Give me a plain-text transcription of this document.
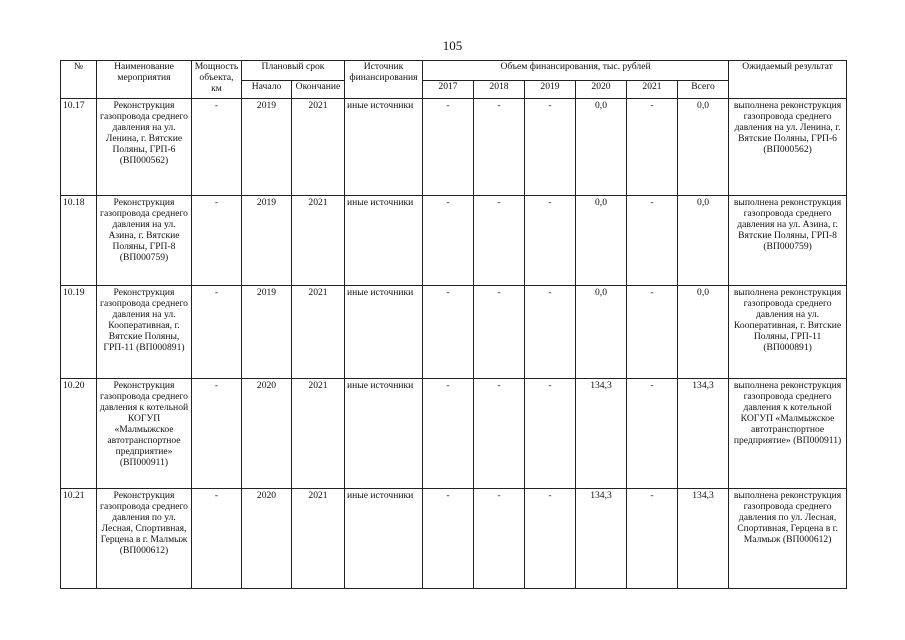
105
№	Наименование мероприятия	Мощность объекта, км	Плановый срок		Источник финансирования	Объем финансирования, тыс. рублей						Ожидаемый результат
			Начало	Окончание		2017	2018	2019	2020	2021	Всего	
10.17	Реконструкция газопровода среднего давления на ул. Ленина, г. Вятские Поляны, ГРП-6 (ВП000562)	-	2019	2021	иные источники	-	-	-	0,0	-	0,0	выполнена реконструкция газопровода среднего давления на ул. Ленина, г. Вятские Поляны, ГРП-6 (ВП000562)
10.18	Реконструкция газопровода среднего давления на ул. Азина, г. Вятские Поляны, ГРП-8 (ВП000759)	-	2019	2021	иные источники	-	-	-	0,0	-	0,0	выполнена реконструкция газопровода среднего давления на ул. Азина, г. Вятские Поляны, ГРП-8 (ВП000759)
10.19	Реконструкция газопровода среднего давления на ул. Кооперативная, г. Вятские Поляны, ГРП-11 (ВП000891)	-	2019	2021	иные источники	-	-	-	0,0	-	0,0	выполнена реконструкция газопровода среднего давления на ул. Кооперативная, г. Вятские Поляны, ГРП-11 (ВП000891)
10.20	Реконструкция газопровода среднего давления к котельной КОГУП «Малмыжское автотранспортное предприятие» (ВП000911)	-	2020	2021	иные источники	-	-	-	134,3	-	134,3	выполнена реконструкция газопровода среднего давления к котельной КОГУП «Малмыжское автотранспортное предприятие» (ВП000911)
10.21	Реконструкция газопровода среднего давления по ул. Лесная, Спортивная, Герцена в г. Малмыж (ВП000612)	-	2020	2021	иные источники	-	-	-	134,3	-	134,3	выполнена реконструкция газопровода среднего давления по ул. Лесная, Спортивная, Герцена в г. Малмыж (ВП000612)
